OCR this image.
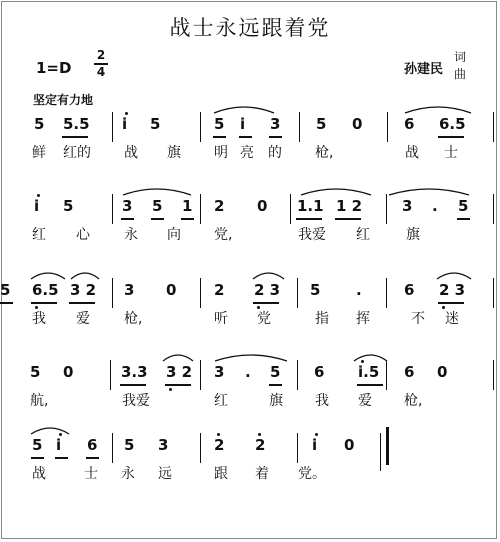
战士永远跟着党
1=D
2
4	孙建民
词
曲
坚定有力地
5 5.5 i 5	5 i 3 5 0	6 6.5
鲜 红的 战 旗 明 亮 的 枪,	战 士
i 5	3 5 1 2 0 1.1 1 2	3 . 5
红 心 永 向 党,	我爱 红	旗
6.5 3 2 3 0	2 2 3 5 .
5	6 2 3
我 爱 枪,	听 党	指 挥	不 迷
5 0	3.3 3 2 3 . 5 6 i.5 6 0
航,	我爱	红	旗 我 爱 枪,
5 i 6 5 3	2 2	i 0
战	士 永 远	跟 着 党。
